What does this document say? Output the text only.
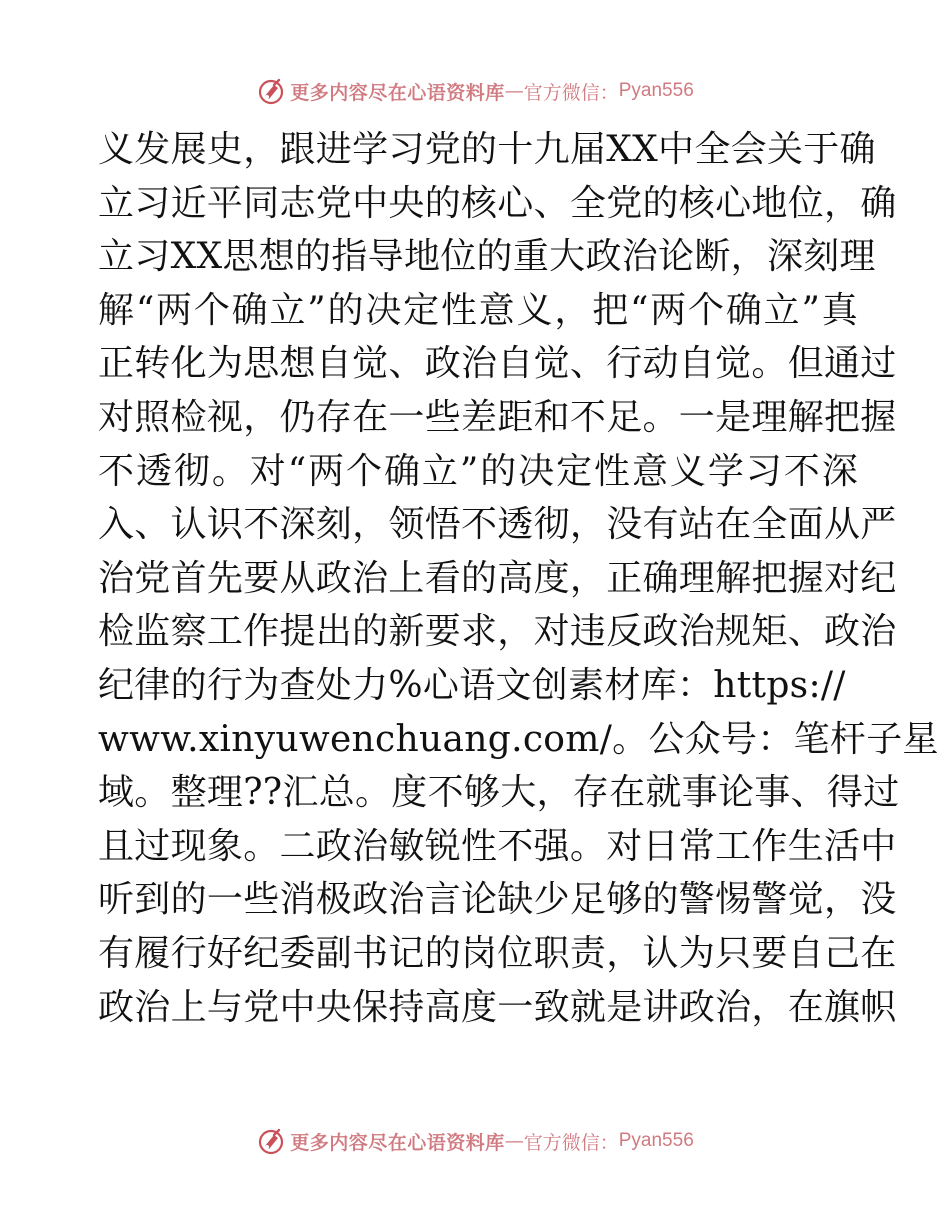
更多内容尽在心语资料库 — 官方微信： Pyan556
义发展史，跟进学习党的十九届XX中全会关于确
立习近平同志党中央的核心、全党的核心地位，确
立习XX思想的指导地位的重大政治论断，深刻理
解“两个确立”的决定性意义，把“两个确立”真
正转化为思想自觉、政治自觉、行动自觉。但通过
对照检视，仍存在一些差距和不足。一是理解把握
不透彻。对“两个确立”的决定性意义学习不深
入、认识不深刻，领悟不透彻，没有站在全面从严
治党首先要从政治上看的高度，正确理解把握对纪
检监察工作提出的新要求，对违反政治规矩、政治
纪律的行为查处力%心语文创素材库：https://
www.xinyuwenchuang.com/。公众号：笔杆子星
域。整理??汇总。度不够大，存在就事论事、得过
且过现象。二政治敏锐性不强。对日常工作生活中
听到的一些消极政治言论缺少足够的警惕警觉，没
有履行好纪委副书记的岗位职责，认为只要自己在
政治上与党中央保持高度一致就是讲政治，在旗帜
更多内容尽在心语资料库 — 官方微信： Pyan556
